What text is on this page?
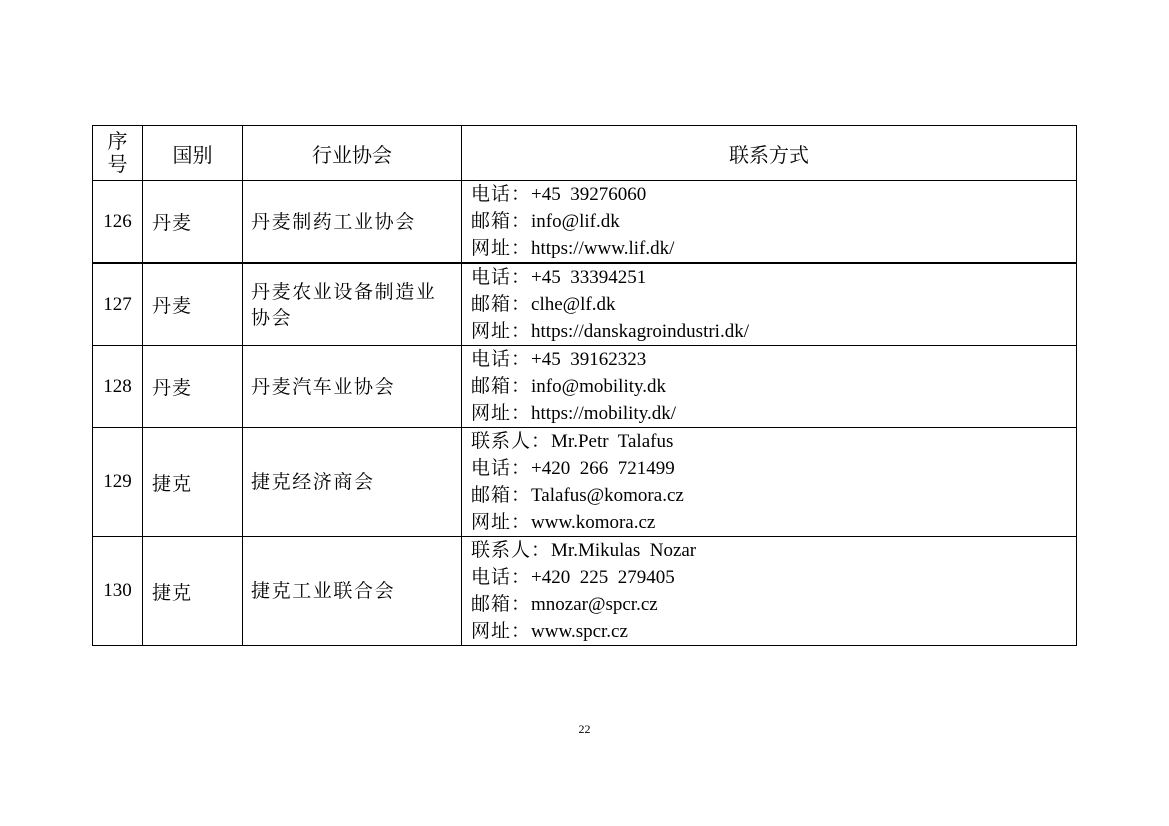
序
号	国别	行业协会	联系方式
126	丹麦	丹麦制药工业协会	电话：+45  39276060
邮箱：info@lif.dk
网址：https://www.lif.dk/

127	丹麦	丹麦农业设备制造业协会	电话：+45  33394251
邮箱：clhe@lf.dk
网址：https://danskagroindustri.dk/

128	丹麦	丹麦汽车业协会	电话：+45  39162323
邮箱：info@mobility.dk
网址：https://mobility.dk/

129	捷克	捷克经济商会	联系人：Mr.Petr  Talafus
电话：+420  266  721499
邮箱：Talafus@komora.cz
网址：www.komora.cz

130	捷克	捷克工业联合会	联系人：Mr.Mikulas  Nozar
电话：+420  225  279405
邮箱：mnozar@spcr.cz
网址：www.spcr.cz
22
